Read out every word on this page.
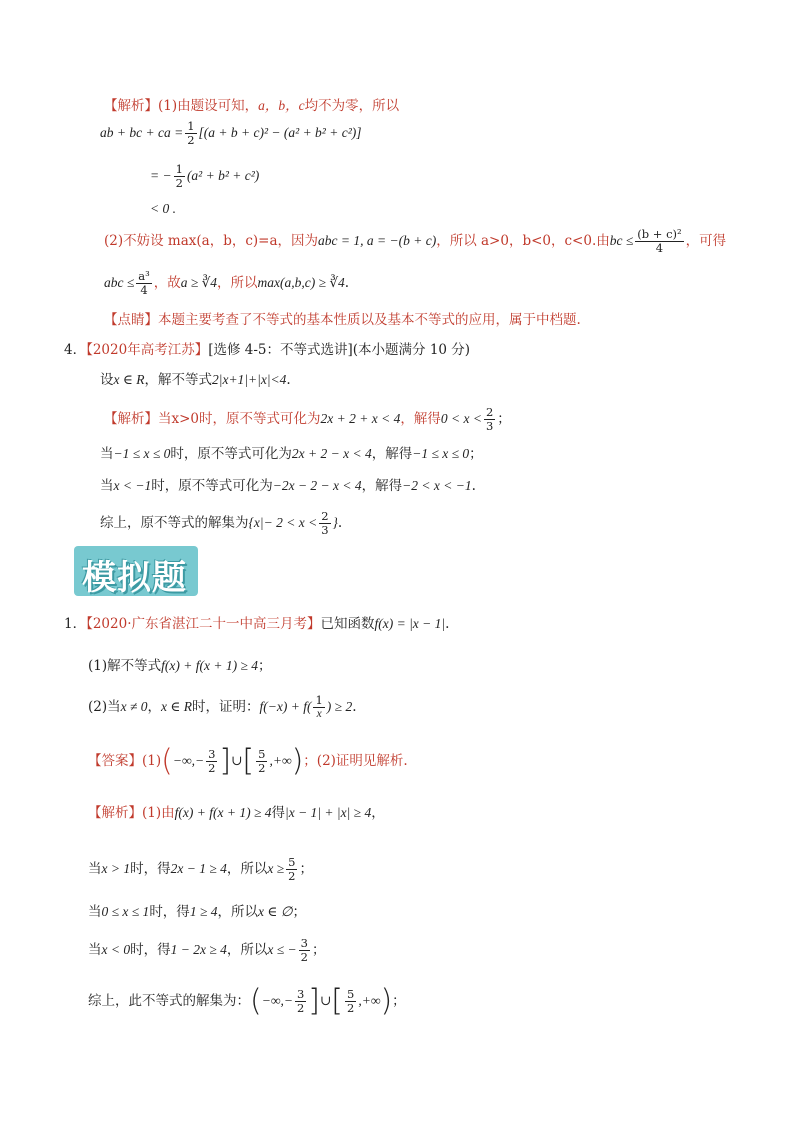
【解析】(1)由题设可知，a，b，c均不为零，所以
ab + bc + ca = $\frac{1}{2} [(a + b + c)^2 - (a^2 + b^2 + c^2)]$
= − $\frac{1}{2} (a^2 + b^2 + c^2)$
< 0 .
(2)不妨设 max(a，b，c)=a，因为abc = 1, a = −(b + c)，所以 a>0，b<0，c<0.由bc ≤ $\frac{\text{(b + c)²}}{4}$ ，可得
abc ≤ $\frac{\text{a³}}{4}$ ，故a ≥ ∛4，所以max(a,b,c) ≥ ∛4.
【点睛】本题主要考查了不等式的基本性质以及基本不等式的应用，属于中档题.
4．【2020年高考江苏】[选修 4-5：不等式选讲](本小题满分 10 分)
设x ∈ R，解不等式2|x+1|+|x|<4.
【解析】当x>0时，原不等式可化为2x + 2 + x < 4，解得$0 < x < \frac{2}{3}$ ；
当−1 ≤ x ≤ 0时，原不等式可化为2x + 2 − x < 4，解得−1 ≤ x ≤ 0；
当x < −1时，原不等式可化为−2x − 2 − x < 4，解得−2 < x < −1.
综上，原不等式的解集为{$x|- 2 < x < \frac{2}{3}$ }.
模拟题
1．【2020·广东省湛江二十一中高三月考】已知函数f(x) = |x − 1|.
(1)解不等式f(x) + f(x + 1) ≥ 4；
(2)当x ≠ 0，x ∈ R时，证明：$f(-x) + f( \frac{1}{x}$ ) ≥ 2.
【答案】$(1)(-\infty,- \frac{3}{2}$ ]∪[ $\frac{5}{2}$ ,+∞)；(2)证明见解析.
【解析】(1)由f(x) + f(x + 1) ≥ 4得|x − 1| + |x| ≥ 4，
当x > 1时，得2x − 1 ≥ 4，所以$x \ge \frac{5}{2}$ ；
当0 ≤ x ≤ 1时，得1 ≥ 4，所以x ∈ ∅；
当x < 0时，得1 − 2x ≥ 4，所以x ≤ − $\frac{3}{2}$ ；
综上，此不等式的解集为：(−∞,− $\frac{3}{2}$ ]∪[ $\frac{5}{2}$ ,+∞)；
